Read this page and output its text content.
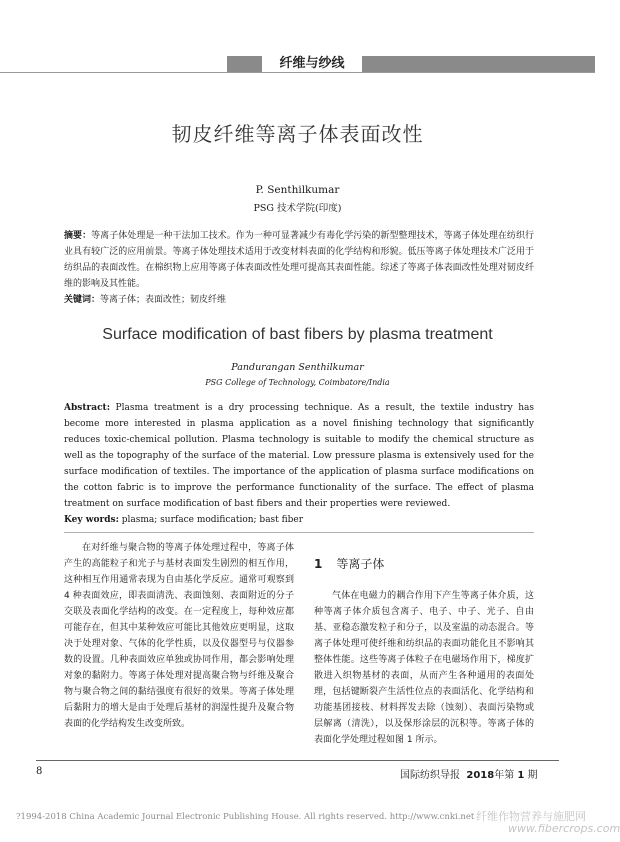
纤维与纱线
韧皮纤维等离子体表面改性
P. Senthilkumar
PSG 技术学院(印度)
摘要：等离子体处理是一种干法加工技术。作为一种可显著减少有毒化学污染的新型整理技术，等离子体处理在纺织行业具有较广泛的应用前景。等离子体处理技术适用于改变材料表面的化学结构和形貌。低压等离子体处理技术广泛用于纺织品的表面改性。在棉织物上应用等离子体表面改性处理可提高其表面性能。综述了等离子体表面改性处理对韧皮纤维的影响及其性能。
关键词：等离子体；表面改性；韧皮纤维
Surface modification of bast fibers by plasma treatment
Pandurangan Senthilkumar
PSG College of Technology, Coimbatore/India
Abstract: Plasma treatment is a dry processing technique. As a result, the textile industry has become more interested in plasma application as a novel finishing technology that significantly reduces toxic-chemical pollution. Plasma technology is suitable to modify the chemical structure as well as the topography of the surface of the material. Low pressure plasma is extensively used for the surface modification of textiles. The importance of the application of plasma surface modifications on the cotton fabric is to improve the performance functionality of the surface. The effect of plasma treatment on surface modification of bast fibers and their properties were reviewed.
Key words: plasma; surface modification; bast fiber

在对纤维与聚合物的等离子体处理过程中，等离子体产生的高能粒子和光子与基材表面发生剧烈的相互作用，这种相互作用通常表现为自由基化学反应。通常可观察到 4 种表面效应，即表面清洗、表面蚀刻、表面附近的分子交联及表面化学结构的改变。在一定程度上，每种效应都可能存在，但其中某种效应可能比其他效应更明显，这取决于处理对象、气体的化学性质，以及仪器型号与仪器参数的设置。几种表面效应单独或协同作用，都会影响处理对象的黏附力。等离子体处理对提高聚合物与纤维及聚合物与聚合物之间的黏结强度有很好的效果。等离子体处理后黏附力的增大是由于处理后基材的润湿性提升及聚合物表面的化学结构发生改变所致。

1 等离子体

气体在电磁力的耦合作用下产生等离子体介质，这种等离子体介质包含离子、电子、中子、光子、自由基、亚稳态激发粒子和分子，以及室温的动态混合。等离子体处理可使纤维和纺织品的表面功能化且不影响其整体性能。这些等离子体粒子在电磁场作用下，梯度扩散进入织物基材的表面，从而产生各种通用的表面处理，包括键断裂产生活性位点的表面活化、化学结构和功能基团接枝、材料挥发去除（蚀刻）、表面污染物或层解离（清洗），以及保形涂层的沉积等。等离子体的表面化学处理过程如图 1 所示。

8	国际纺织导报 2018年第 1 期
?1994-2018 China Academic Journal Electronic Publishing House. All rights reserved. http://www.cnki.net 纤维作物营养与施肥网
www.fibercrops.com
